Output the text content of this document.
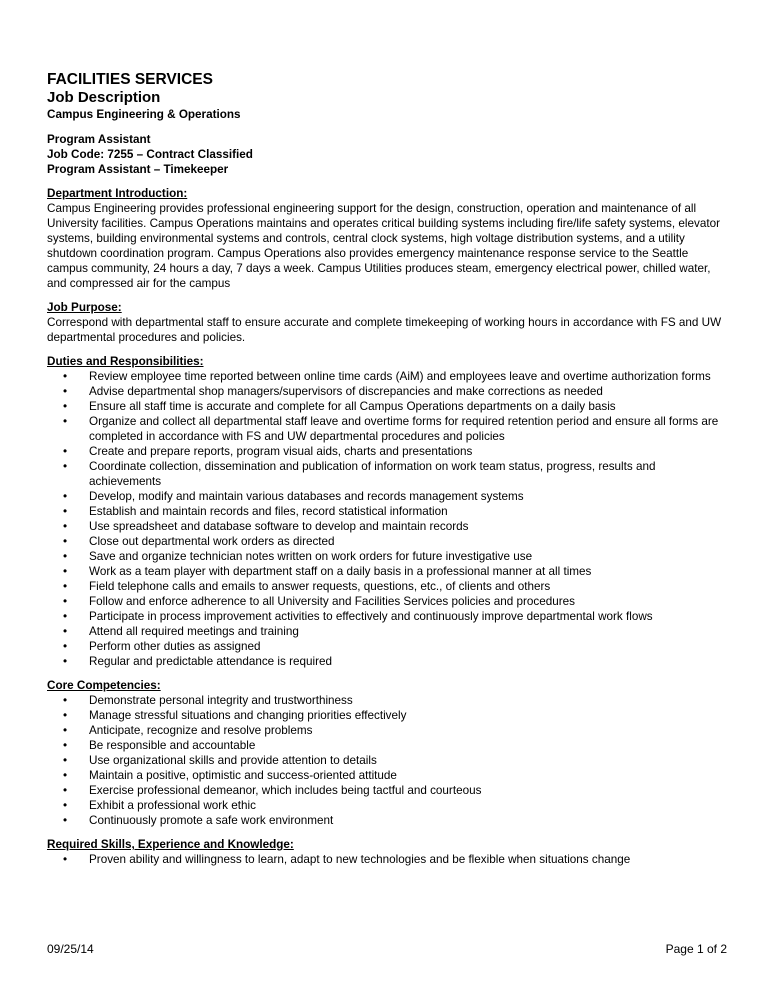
FACILITIES SERVICES
Job Description
Campus Engineering & Operations
Program Assistant
Job Code: 7255 – Contract Classified
Program Assistant – Timekeeper
Department Introduction:
Campus Engineering provides professional engineering support for the design, construction, operation and maintenance of all University facilities. Campus Operations maintains and operates critical building systems including fire/life safety systems, elevator systems, building environmental systems and controls, central clock systems, high voltage distribution systems, and a utility shutdown coordination program. Campus Operations also provides emergency maintenance response service to the Seattle campus community, 24 hours a day, 7 days a week. Campus Utilities produces steam, emergency electrical power, chilled water, and compressed air for the campus
Job Purpose:
Correspond with departmental staff to ensure accurate and complete timekeeping of working hours in accordance with FS and UW departmental procedures and policies.
Duties and Responsibilities:
• Review employee time reported between online time cards (AiM) and employees leave and overtime authorization forms
• Advise departmental shop managers/supervisors of discrepancies and make corrections as needed
• Ensure all staff time is accurate and complete for all Campus Operations departments on a daily basis
• Organize and collect all departmental staff leave and overtime forms for required retention period and ensure all forms are completed in accordance with FS and UW departmental procedures and policies
• Create and prepare reports, program visual aids, charts and presentations
• Coordinate collection, dissemination and publication of information on work team status, progress, results and achievements
• Develop, modify and maintain various databases and records management systems
• Establish and maintain records and files, record statistical information
• Use spreadsheet and database software to develop and maintain records
• Close out departmental work orders as directed
• Save and organize technician notes written on work orders for future investigative use
• Work as a team player with department staff on a daily basis in a professional manner at all times
• Field telephone calls and emails to answer requests, questions, etc., of clients and others
• Follow and enforce adherence to all University and Facilities Services policies and procedures
• Participate in process improvement activities to effectively and continuously improve departmental work flows
• Attend all required meetings and training
• Perform other duties as assigned
• Regular and predictable attendance is required
Core Competencies:
• Demonstrate personal integrity and trustworthiness
• Manage stressful situations and changing priorities effectively
• Anticipate, recognize and resolve problems
• Be responsible and accountable
• Use organizational skills and provide attention to details
• Maintain a positive, optimistic and success-oriented attitude
• Exercise professional demeanor, which includes being tactful and courteous
• Exhibit a professional work ethic
• Continuously promote a safe work environment
Required Skills, Experience and Knowledge:
• Proven ability and willingness to learn, adapt to new technologies and be flexible when situations change
09/25/14	Page 1 of 2
